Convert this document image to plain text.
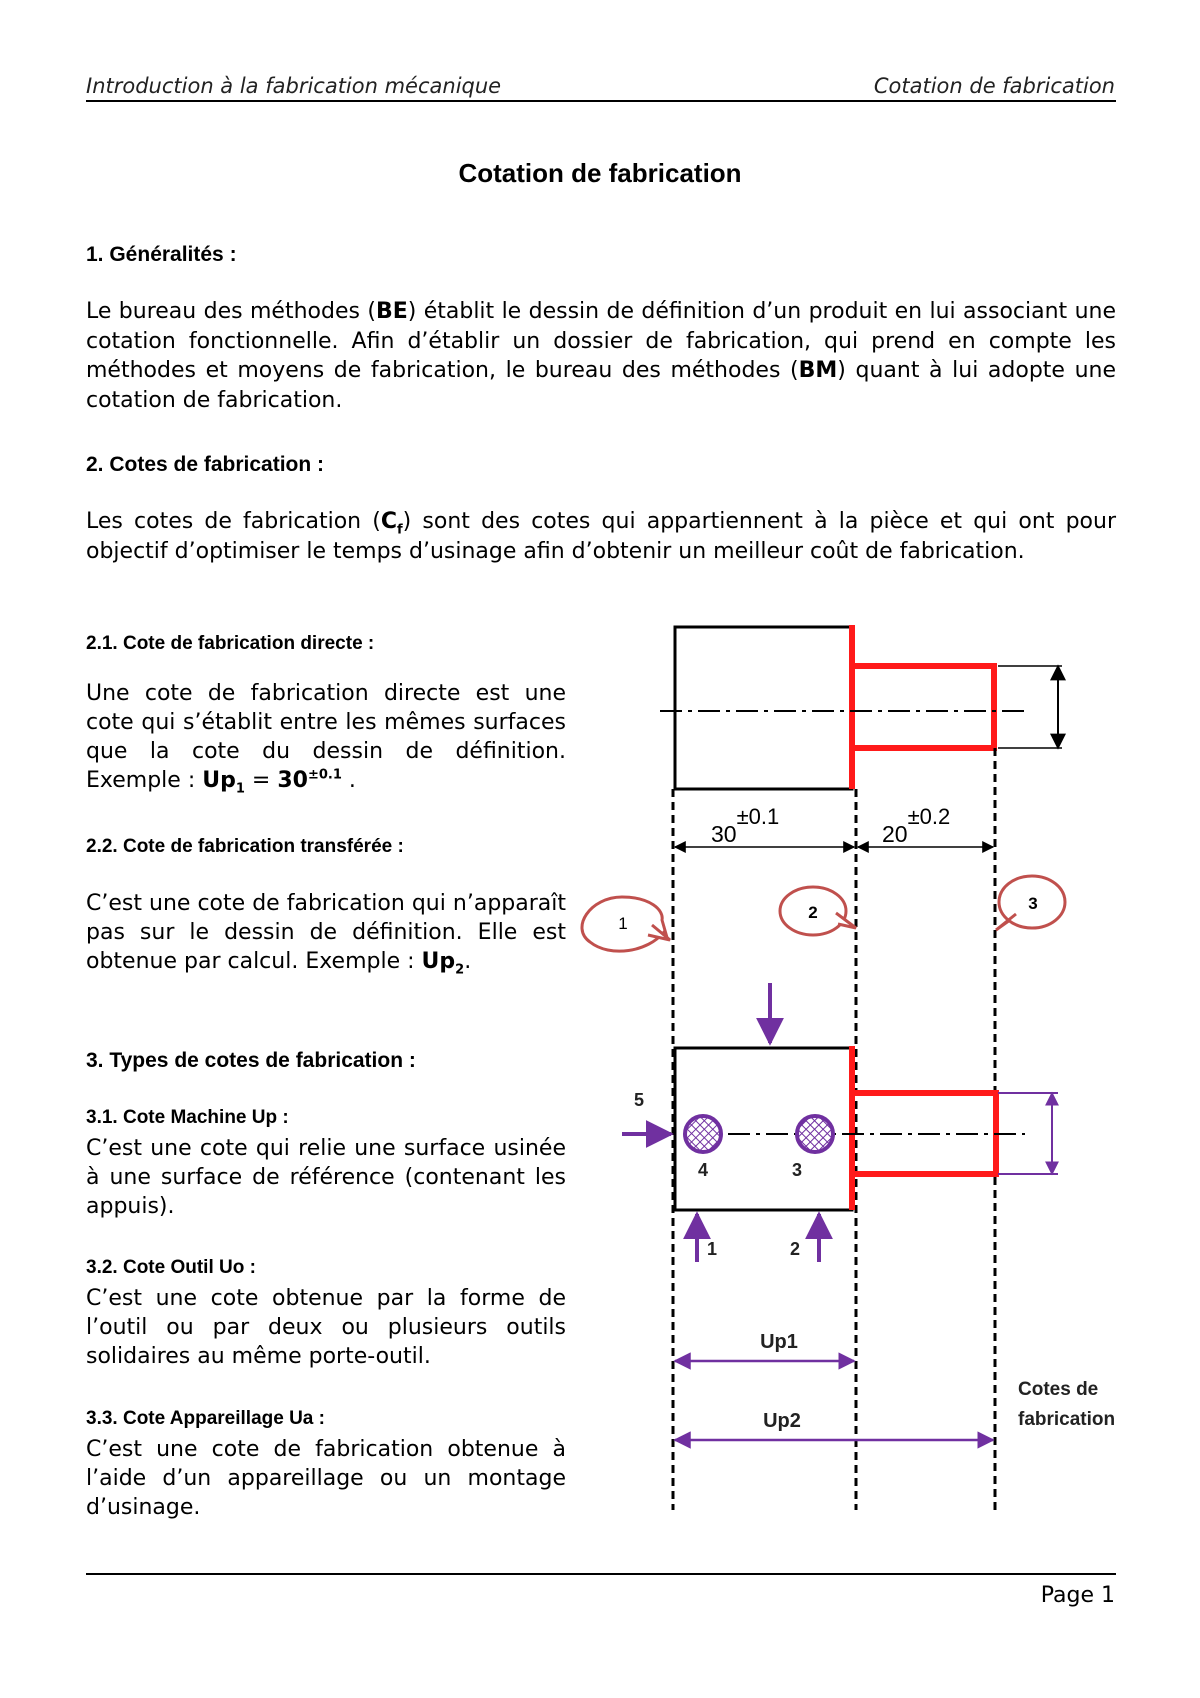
Introduction à la fabrication mécanique	Cotation de fabrication
Cotation de fabrication
1. Généralités :
Le bureau des méthodes (BE) établit le dessin de définition d’un produit en lui associant une cotation fonctionnelle. Afin d’établir un dossier de fabrication, qui prend en compte les méthodes et moyens de fabrication, le bureau des méthodes (BM) quant à lui adopte une cotation de fabrication.
2. Cotes de fabrication :
Les cotes de fabrication $(C_f)$ sont des cotes qui appartiennent à la pièce et qui ont pour objectif d’optimiser le temps d’usinage afin d’obtenir un meilleur coût de fabrication.
2.1. Cote de fabrication directe :
Une cote de fabrication directe est une cote qui s’établit entre les mêmes surfaces que la cote du dessin de définition. Exemple : $Up_1 = 30^{\pm 0.1}$ .
2.2. Cote de fabrication transférée :
C’est une cote de fabrication qui n’apparaît pas sur le dessin de définition. Elle est obtenue par calcul. Exemple : $Up_2$.
3. Types de cotes de fabrication :
3.1. Cote Machine Up :
C’est une cote qui relie une surface usinée à une surface de référence (contenant les appuis).
3.2. Cote Outil Uo :
C’est une cote obtenue par la forme de l’outil ou par deux ou plusieurs outils solidaires au même porte-outil.
3.3. Cote Appareillage Ua :
C’est une cote de fabrication obtenue à l’aide d’un appareillage ou un montage d’usinage.
30±0.1
20±0.2
1
2	3
5
4	3
1	2
Up1
Up2
Cotes de fabrication
Page 1
